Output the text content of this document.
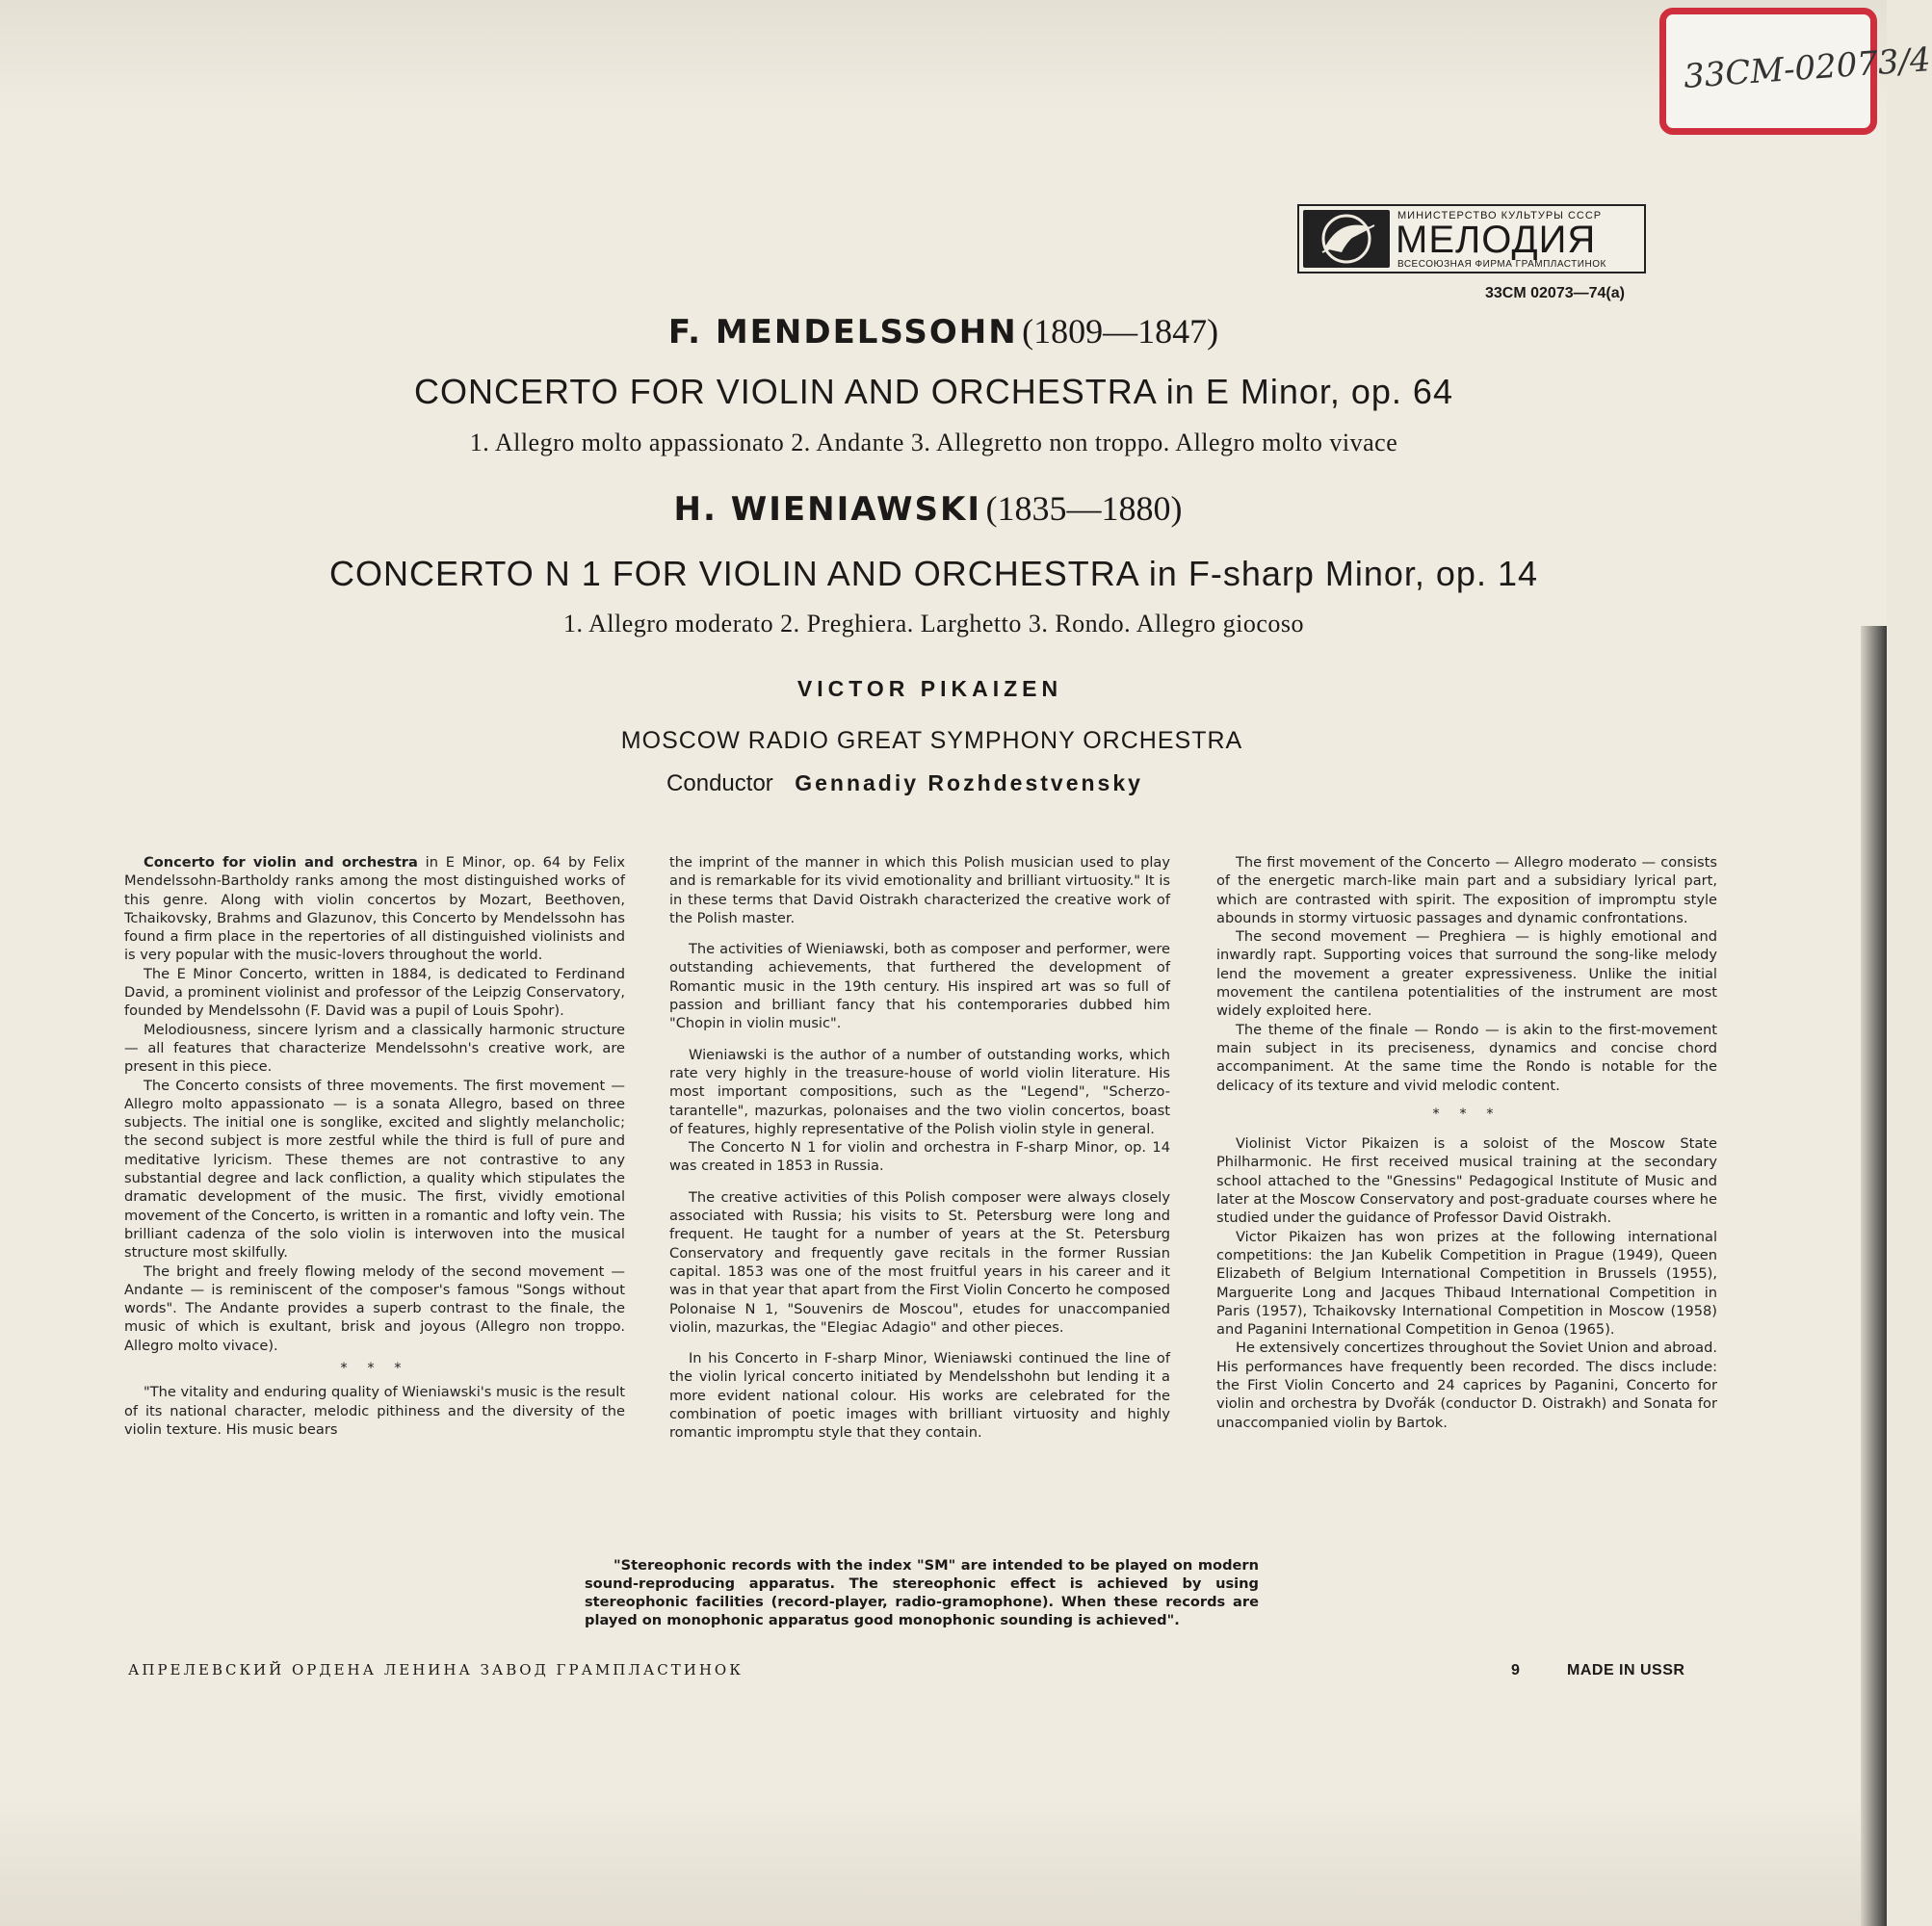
33СМ-02073/4
МИНИСТЕРСТВО КУЛЬТУРЫ СССР
МЕЛОДИЯ
ВСЕСОЮЗНАЯ ФИРМА ГРАМПЛАСТИНОК
33CM 02073—74(a)
F. MENDELSSOHN (1809—1847)
CONCERTO FOR VIOLIN AND ORCHESTRA in E Minor, op. 64
1. Allegro molto appassionato 2. Andante 3. Allegretto non troppo. Allegro molto vivace
H. WIENIAWSKI (1835—1880)
CONCERTO N 1 FOR VIOLIN AND ORCHESTRA in F-sharp Minor, op. 14
1. Allegro moderato 2. Preghiera. Larghetto 3. Rondo. Allegro giocoso
VICTOR PIKAIZEN
MOSCOW RADIO GREAT SYMPHONY ORCHESTRA
Conductor Gennadiy Rozhdestvensky

Concerto for violin and orchestra in E Minor, op. 64 by Felix Mendelssohn-Bartholdy ranks among the most distinguished works of this genre. Along with violin concertos by Mozart, Beethoven, Tchaikovsky, Brahms and Glazunov, this Concerto by Mendelssohn has found a firm place in the repertories of all distinguished violinists and is very popular with the music-lovers throughout the world.

The E Minor Concerto, written in 1884, is dedicated to Ferdinand David, a prominent violinist and professor of the Leipzig Conservatory, founded by Mendelssohn (F. David was a pupil of Louis Spohr).

Melodiousness, sincere lyrism and a classically harmonic structure — all features that characterize Mendelssohn's creative work, are present in this piece.

The Concerto consists of three movements. The first movement — Allegro molto appassionato — is a sonata Allegro, based on three subjects. The initial one is songlike, excited and slightly melancholic; the second subject is more zestful while the third is full of pure and meditative lyricism. These themes are not contrastive to any substantial degree and lack confliction, a quality which stipulates the dramatic development of the music. The first, vividly emotional movement of the Concerto, is written in a romantic and lofty vein. The brilliant cadenza of the solo violin is interwoven into the musical structure most skilfully.

The bright and freely flowing melody of the second movement — Andante — is reminiscent of the composer's famous "Songs without words". The Andante provides a superb contrast to the finale, the music of which is exultant, brisk and joyous (Allegro non troppo. Allegro molto vivace).

* * *

"The vitality and enduring quality of Wieniawski's music is the result of its national character, melodic pithiness and the diversity of the violin texture. His music bears

the imprint of the manner in which this Polish musician used to play and is remarkable for its vivid emotionality and brilliant virtuosity." It is in these terms that David Oistrakh characterized the creative work of the Polish master.

The activities of Wieniawski, both as composer and performer, were outstanding achievements, that furthered the development of Romantic music in the 19th century. His inspired art was so full of passion and brilliant fancy that his contemporaries dubbed him "Chopin in violin music".

Wieniawski is the author of a number of outstanding works, which rate very highly in the treasure-house of world violin literature. His most important compositions, such as the "Legend", "Scherzo-tarantelle", mazurkas, polonaises and the two violin concertos, boast of features, highly representative of the Polish violin style in general.

The Concerto N 1 for violin and orchestra in F-sharp Minor, op. 14 was created in 1853 in Russia.

The creative activities of this Polish composer were always closely associated with Russia; his visits to St. Petersburg were long and frequent. He taught for a number of years at the St. Petersburg Conservatory and frequently gave recitals in the former Russian capital. 1853 was one of the most fruitful years in his career and it was in that year that apart from the First Violin Concerto he composed Polonaise N 1, "Souvenirs de Moscou", etudes for unaccompanied violin, mazurkas, the "Elegiac Adagio" and other pieces.

In his Concerto in F-sharp Minor, Wieniawski continued the line of the violin lyrical concerto initiated by Mendelsshohn but lending it a more evident national colour. His works are celebrated for the combination of poetic images with brilliant virtuosity and highly romantic impromptu style that they contain.

The first movement of the Concerto — Allegro moderato — consists of the energetic march-like main part and a subsidiary lyrical part, which are contrasted with spirit. The exposition of impromptu style abounds in stormy virtuosic passages and dynamic confrontations.

The second movement — Preghiera — is highly emotional and inwardly rapt. Supporting voices that surround the song-like melody lend the movement a greater expressiveness. Unlike the initial movement the cantilena potentialities of the instrument are most widely exploited here.

The theme of the finale — Rondo — is akin to the first-movement main subject in its preciseness, dynamics and concise chord accompaniment. At the same time the Rondo is notable for the delicacy of its texture and vivid melodic content.

* * *

Violinist Victor Pikaizen is a soloist of the Moscow State Philharmonic. He first received musical training at the secondary school attached to the "Gnessins" Pedagogical Institute of Music and later at the Moscow Conservatory and post-graduate courses where he studied under the guidance of Professor David Oistrakh.

Victor Pikaizen has won prizes at the following international competitions: the Jan Kubelik Competition in Prague (1949), Queen Elizabeth of Belgium International Competition in Brussels (1955), Marguerite Long and Jacques Thibaud International Competition in Paris (1957), Tchaikovsky International Competition in Moscow (1958) and Paganini International Competition in Genoa (1965).

He extensively concertizes throughout the Soviet Union and abroad. His performances have frequently been recorded. The discs include: the First Violin Concerto and 24 caprices by Paganini, Concerto for violin and orchestra by Dvořák (conductor D. Oistrakh) and Sonata for unaccompanied violin by Bartok.

"Stereophonic records with the index "SM" are intended to be played on modern sound-reproducing apparatus. The stereophonic effect is achieved by using stereophonic facilities (record-player, radio-gramophone). When these records are played on monophonic apparatus good monophonic sounding is achieved".
АПРЕЛЕВСКИЙ ОРДЕНА ЛЕНИНА ЗАВОД ГРАМПЛАСТИНОК	9	MADE IN USSR
